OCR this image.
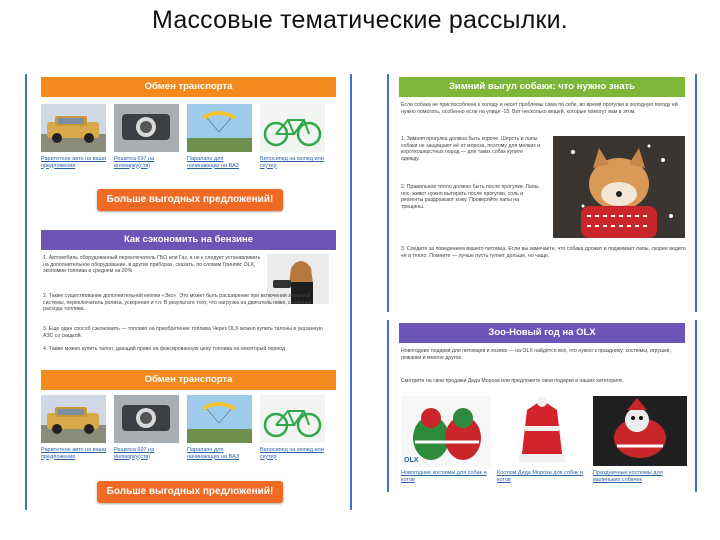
Массовые тематические рассылки.
Обмен транспорта
Раритетное авто на ваши предложения
Решетка 697 на иномарку(ств)
Паралапн для начинающих на ВАЗ
Велосипед на мопед или скутер
Больше выгодных предложений!
Как сэкономить на бензине
1. Автомобиль оборудованный переключатель ГБО или Газ, а не к следует устанавливать на дополнительное оборудование, в других приборах, сказать, по словам Гринпис OLX, экономии топлива в среднем на 20%
2. Также существование дополнительной кнопки «Эко». Это может быть расширение при включении запасной системы, переключатель ролика, ускорения и т.п. В результате того, что нагрузка на двигатель ниже, снижение расхода топлива.
3. Еще один способ сэкономить — топливо на приобретение топлива Через OLX можно купить талоны в указанную АЗС со скидкой.
4. Также можно купить талон, дающий право на фиксированную цену топлива на некоторый период
Обмен транспорта
Раритетное авто на ваши предложения
Решетка 697 на иномарку(ств)
Паралапн для начинающих на ВАЗ
Велосипед на мопед или скутер
Больше выгодных предложений!
Зимний выгул собаки: что нужно знать
Если собака не приспособлена к холоду и несет проблемы сама по себе, во время прогулки в холодную погоду ей нужно помогать, особенно если на улице -15. Вот несколько вещей, которые помогут вам в этом.
1. Зимняя прогулка должна быть короче. Шерсть и лапы собаки не защищают её от мороза, поэтому для мелких и короткошерстных пород — для таких собак купите одежду.
2. Правильное тепло должно быть после прогулки. Лапы, нос, живот нужно вытирать после прогулки, соль и реагенты раздражают кожу. Проверяйте лапы на трещины.
3. Следите за поведением вашего питомца. Если вы замечаете, что собака дрожит и поджимает лапы, скорее ведите её в тепло. Помните — лучше пусть гуляет дольше, но чаще.
Зоо-Новый год на OLX
Новогодние подарки для питомцев и хозяев — на OLX найдётся всё, что нужно к празднику: костюмы, игрушки, лежанки и многое другое.
Смотрите на свои продажи Деда Мороза или предложите свои подарки в наших категориях.
OLX
Новогодние костюмы для собак и котов
Костюм Деда Мороза для собак и котов
Праздничные костюмы для маленьких собачек
